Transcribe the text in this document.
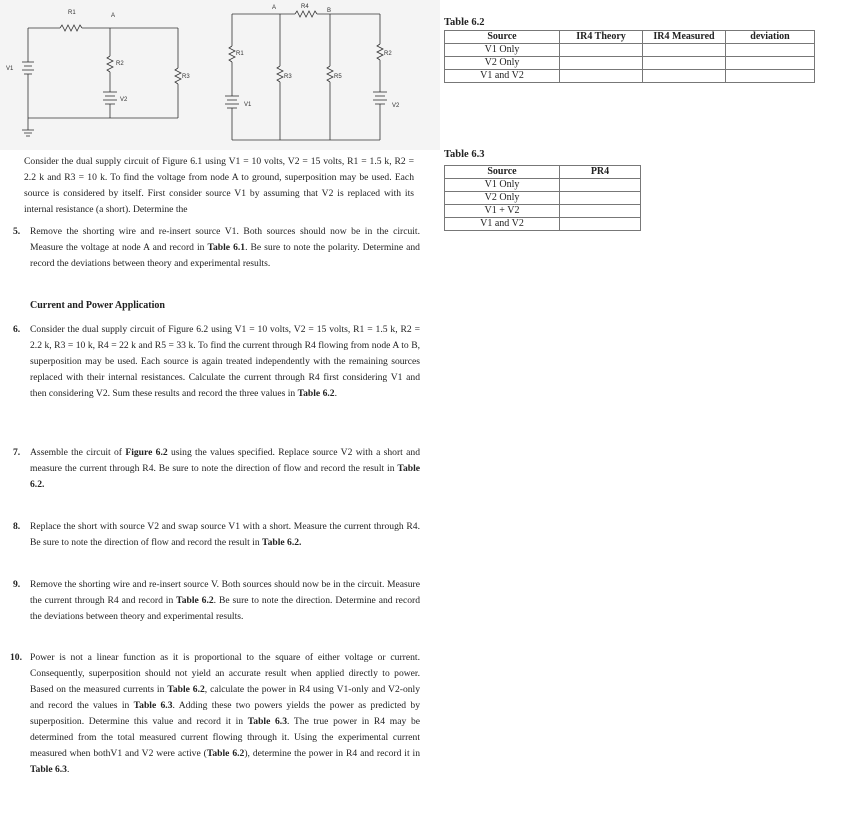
R1	A
R2
R3
V1
V2
A	R4
B
R1
R3	R5
R2
V1	V2
Table 6.2
Source	IR4 Theory	IR4 Measured	deviation
V1 Only			
V2 Only			
V1 and V2			
Table 6.3
Source	PR4
V1 Only	
V2 Only	
V1 + V2	
V1 and V2	
Consider the dual supply circuit of Figure 6.1 using V1 = 10 volts, V2 = 15 volts, R1 = 1.5 k, R2 = 2.2 k and R3 = 10 k. To find the voltage from node A to ground, superposition may be used. Each source is considered by itself. First consider source V1 by assuming that V2 is replaced with its internal resistance (a short). Determine the
5. Remove the shorting wire and re-insert source V1. Both sources should now be in the circuit. Measure the voltage at node A and record in Table 6.1. Be sure to note the polarity. Determine and record the deviations between theory and experimental results.
Current and Power Application
6. Consider the dual supply circuit of Figure 6.2 using V1 = 10 volts, V2 = 15 volts, R1 = 1.5 k, R2 = 2.2 k, R3 = 10 k, R4 = 22 k and R5 = 33 k. To find the current through R4 flowing from node A to B, superposition may be used. Each source is again treated independently with the remaining sources replaced with their internal resistances. Calculate the current through R4 first considering V1 and then considering V2. Sum these results and record the three values in Table 6.2.
7. Assemble the circuit of Figure 6.2 using the values specified. Replace source V2 with a short and measure the current through R4. Be sure to note the direction of flow and record the result in Table 6.2.
8. Replace the short with source V2 and swap source V1 with a short. Measure the current through R4. Be sure to note the direction of flow and record the result in Table 6.2.
9. Remove the shorting wire and re-insert source V. Both sources should now be in the circuit. Measure the current through R4 and record in Table 6.2. Be sure to note the direction. Determine and record the deviations between theory and experimental results.
10. Power is not a linear function as it is proportional to the square of either voltage or current. Consequently, superposition should not yield an accurate result when applied directly to power. Based on the measured currents in Table 6.2, calculate the power in R4 using V1-only and V2-only and record the values in Table 6.3. Adding these two powers yields the power as predicted by superposition. Determine this value and record it in Table 6.3. The true power in R4 may be determined from the total measured current flowing through it. Using the experimental current measured when bothV1 and V2 were active (Table 6.2), determine the power in R4 and record it in Table 6.3.
